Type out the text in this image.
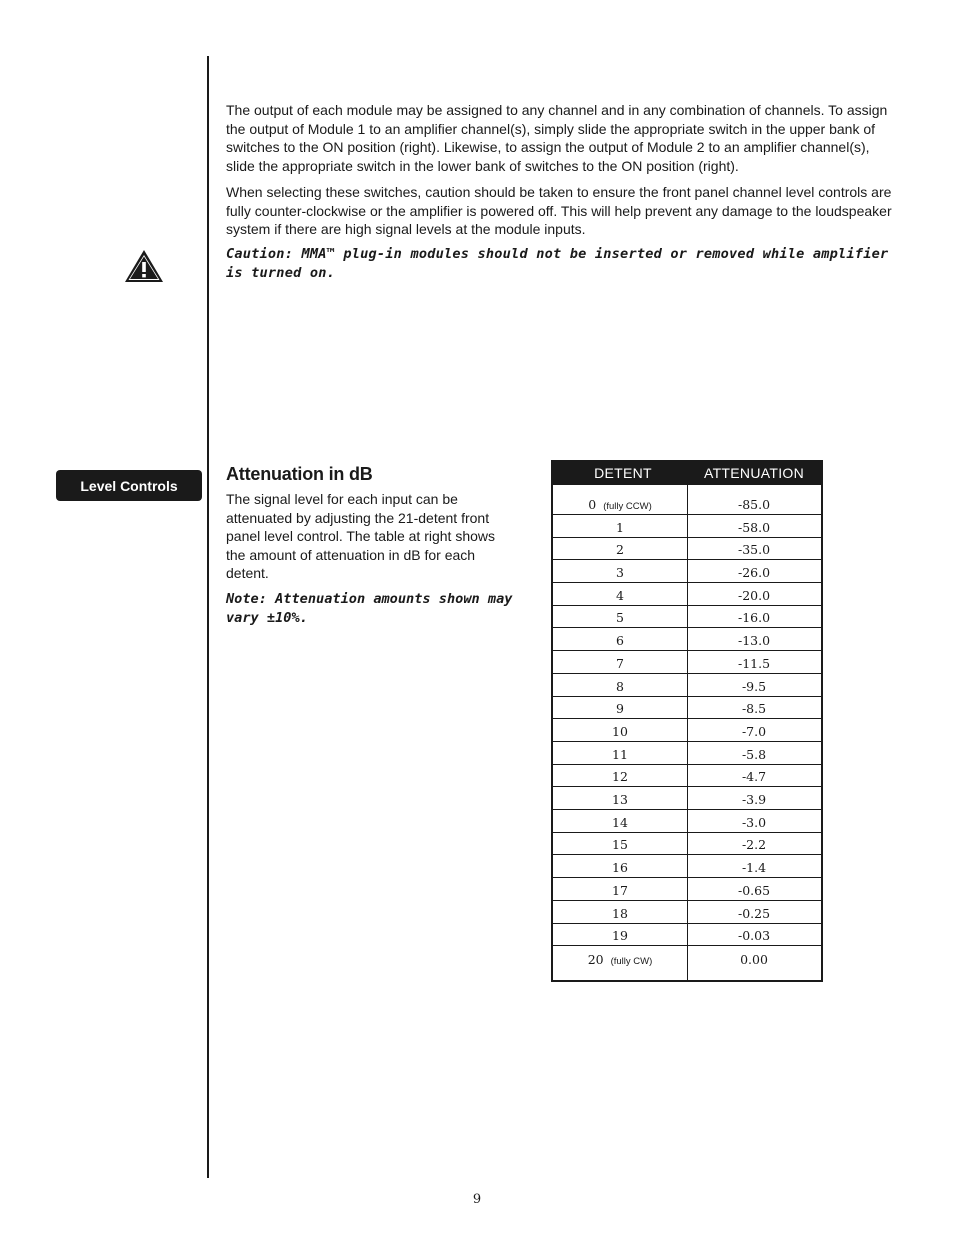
The output of each module may be assigned to any channel and in any combination of channels. To assign the output of Module 1 to an amplifier channel(s), simply slide the appropriate switch in the upper bank of switches to the ON position (right). Likewise, to assign the output of Module 2 to an amplifier channel(s), slide the appropriate switch in the lower bank of switches to the ON position (right).

When selecting these switches, caution should be taken to ensure the front panel channel level controls are fully counter-clockwise or the amplifier is powered off. This will help prevent any damage to the loudspeaker system if there are high signal levels at the module inputs.

Caution: MMA™ plug-in modules should not be inserted or removed while amplifier is turned on.

Level Controls
Attenuation in dB

The signal level for each input can be attenuated by adjusting the 21-detent front panel level control. The table at right shows the amount of attenuation in dB for each detent.

Note: Attenuation amounts shown may vary ±10%.

DETENT	ATTENUATION
0 (fully CCW)	-85.0
1	-58.0
2	-35.0
3	-26.0
4	-20.0
5	-16.0
6	-13.0
7	-11.5
8	-9.5
9	-8.5
10	-7.0
11	-5.8
12	-4.7
13	-3.9
14	-3.0
15	-2.2
16	-1.4
17	-0.65
18	-0.25
19	-0.03
20 (fully CW)	0.00
9
